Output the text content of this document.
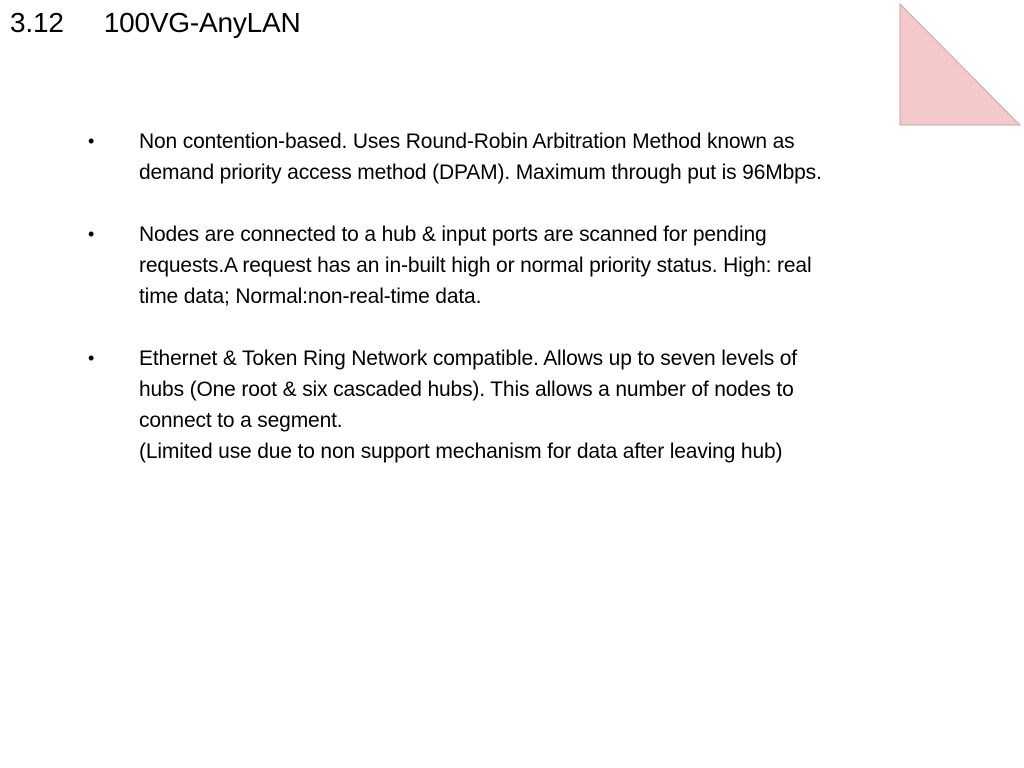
3.12 100VG-AnyLAN
•	Non contention-based. Uses Round-Robin Arbitration Method known as
demand priority access method (DPAM). Maximum through put is 96Mbps.
•	Nodes are connected to a hub & input ports are scanned for pending
requests.A request has an in-built high or normal priority status. High: real
time data; Normal:non-real-time data.
•	Ethernet & Token Ring Network compatible. Allows up to seven levels of
hubs (One root & six cascaded hubs). This allows a number of nodes to
connect to a segment.
(Limited use due to non support mechanism for data after leaving hub)
